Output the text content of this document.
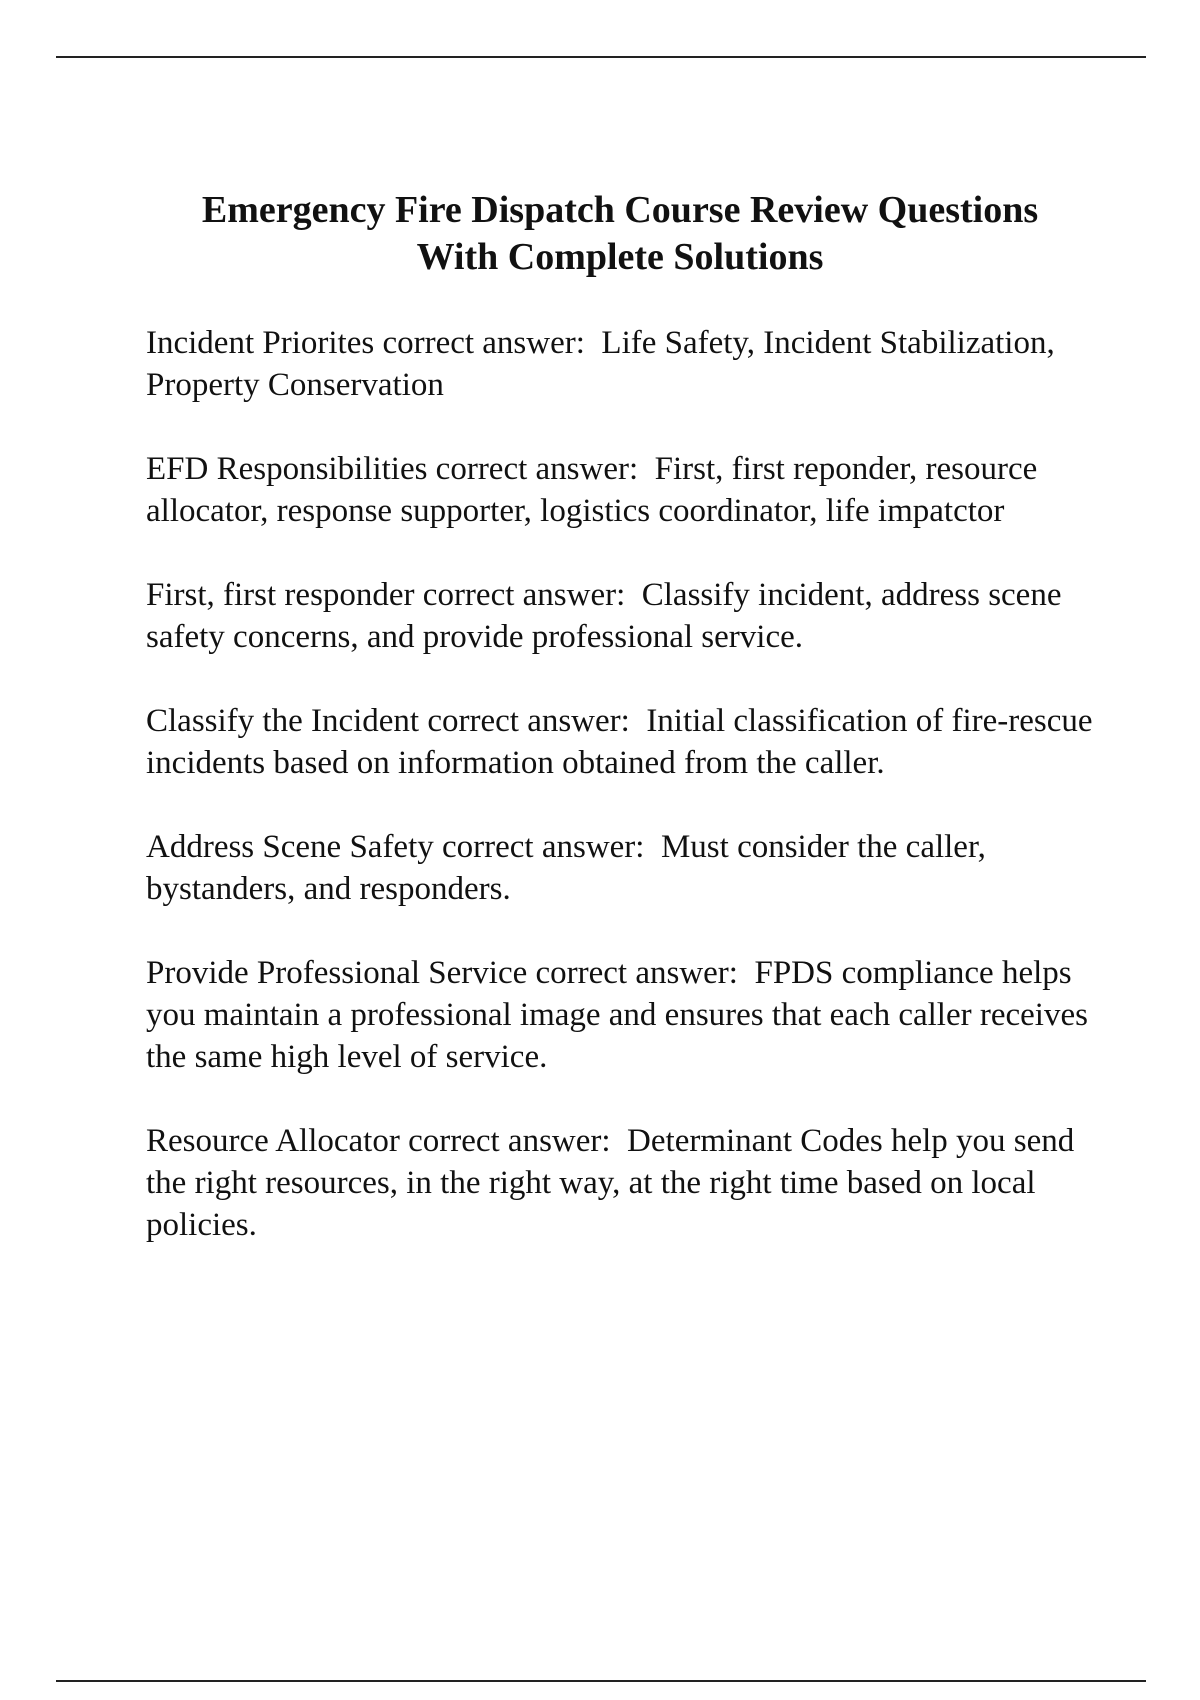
Emergency Fire Dispatch Course Review Questions
With Complete Solutions

Incident Priorites correct answer:  Life Safety, Incident Stabilization, Property Conservation

EFD Responsibilities correct answer:  First, first reponder, resource allocator, response supporter, logistics coordinator, life impatctor

First, first responder correct answer:  Classify incident, address scene safety concerns, and provide professional service.

Classify the Incident correct answer:  Initial classification of fire-rescue incidents based on information obtained from the caller.

Address Scene Safety correct answer:  Must consider the caller, bystanders, and responders.

Provide Professional Service correct answer:  FPDS compliance helps you maintain a professional image and ensures that each caller receives the same high level of service.

Resource Allocator correct answer:  Determinant Codes help you send the right resources, in the right way, at the right time based on local policies.
